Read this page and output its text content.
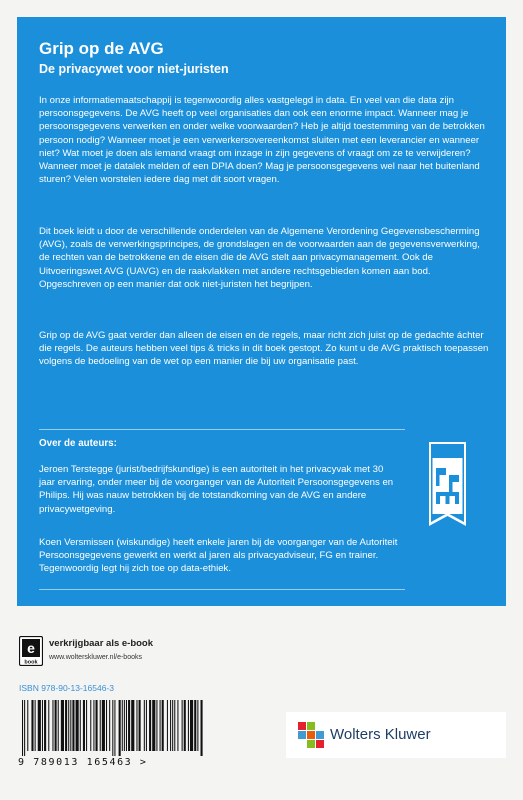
Grip op de AVG
De privacywet voor niet-juristen

In onze informatiemaatschappij is tegenwoordig alles vastgelegd in data. En veel van die data zijn persoonsgegevens. De AVG heeft op veel organisaties dan ook een enorme impact. Wanneer mag je persoonsgegevens verwerken en onder welke voorwaarden? Heb je altijd toestemming van de betrokken persoon nodig? Wanneer moet je een verwerkersovereenkomst sluiten met een leverancier en wanneer niet? Wat moet je doen als iemand vraagt om inzage in zijn gegevens of vraagt om ze te verwijderen? Wanneer moet je datalek melden of een DPIA doen? Mag je persoonsgegevens wel naar het buitenland sturen? Velen worstelen iedere dag met dit soort vragen.

Dit boek leidt u door de verschillende onderdelen van de Algemene Verordening Gegevensbescherming (AVG), zoals de verwerkingsprincipes, de grondslagen en de voorwaarden aan de gegevensverwerking, de rechten van de betrokkene en de eisen die de AVG stelt aan privacymanagement. Ook de Uitvoeringswet AVG (UAVG) en de raakvlakken met andere rechtsgebieden komen aan bod. Opgeschreven op een manier dat ook niet-juristen het begrijpen.

Grip op de AVG gaat verder dan alleen de eisen en de regels, maar richt zich juist op de gedachte áchter die regels. De auteurs hebben veel tips & tricks in dit boek gestopt. Zo kunt u de AVG praktisch toepassen volgens de bedoeling van de wet op een manier die bij uw organisatie past.

Over de auteurs:

Jeroen Terstegge (jurist/bedrijfskundige) is een autoriteit in het privacyvak met 30 jaar ervaring, onder meer bij de voorganger van de Autoriteit Persoonsgegevens en Philips. Hij was nauw betrokken bij de totstandkoming van de AVG en andere privacywetgeving.

Koen Versmissen (wiskundige) heeft enkele jaren bij de voorganger van de Autoriteit Persoonsgegevens gewerkt en werkt al jaren als privacyadviseur, FG en trainer. Tegenwoordig legt hij zich toe op data-ethiek.

e
book
verkrijgbaar als e-book
www.wolterskluwer.nl/e-books
ISBN 978-90-13-16546-3
9 789013 165463 >
Wolters Kluwer
